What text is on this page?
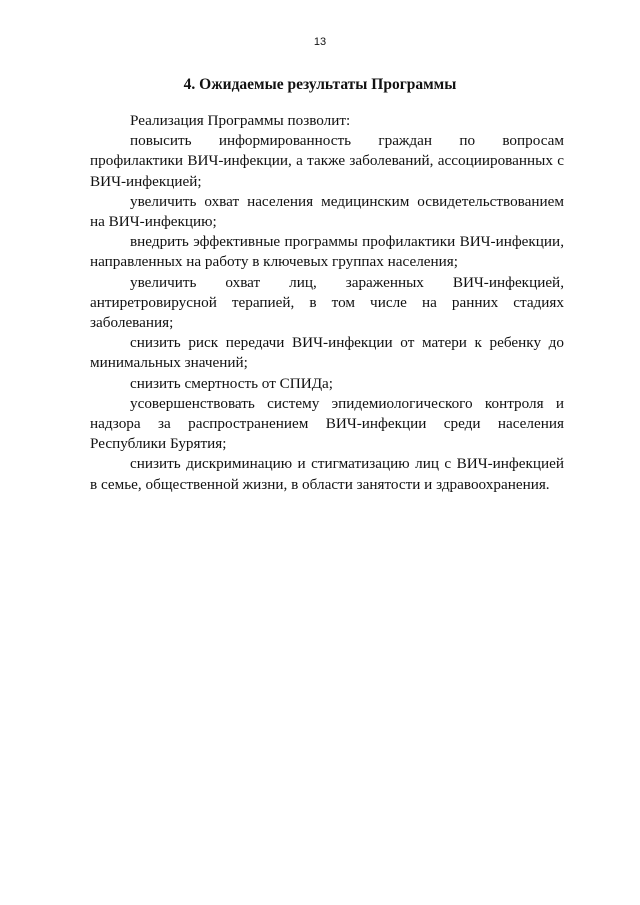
13
4. Ожидаемые результаты Программы

Реализация Программы позволит:

повысить информированность граждан по вопросам профилактики ВИЧ-инфекции, а также заболеваний, ассоциированных с ВИЧ-инфекцией;

увеличить охват населения медицинским освидетельствованием на ВИЧ-инфекцию;

внедрить эффективные программы профилактики ВИЧ-инфекции, направленных на работу в ключевых группах населения;

увеличить охват лиц, зараженных ВИЧ-инфекцией, антиретровирусной терапией, в том числе на ранних стадиях заболевания;

снизить риск передачи ВИЧ-инфекции от матери к ребенку до минимальных значений;

снизить смертность от СПИДа;

усовершенствовать систему эпидемиологического контроля и надзора за распространением ВИЧ-инфекции среди населения Республики Бурятия;

снизить дискриминацию и стигматизацию лиц с ВИЧ-инфекцией в семье, общественной жизни, в области занятости и здравоохранения.
